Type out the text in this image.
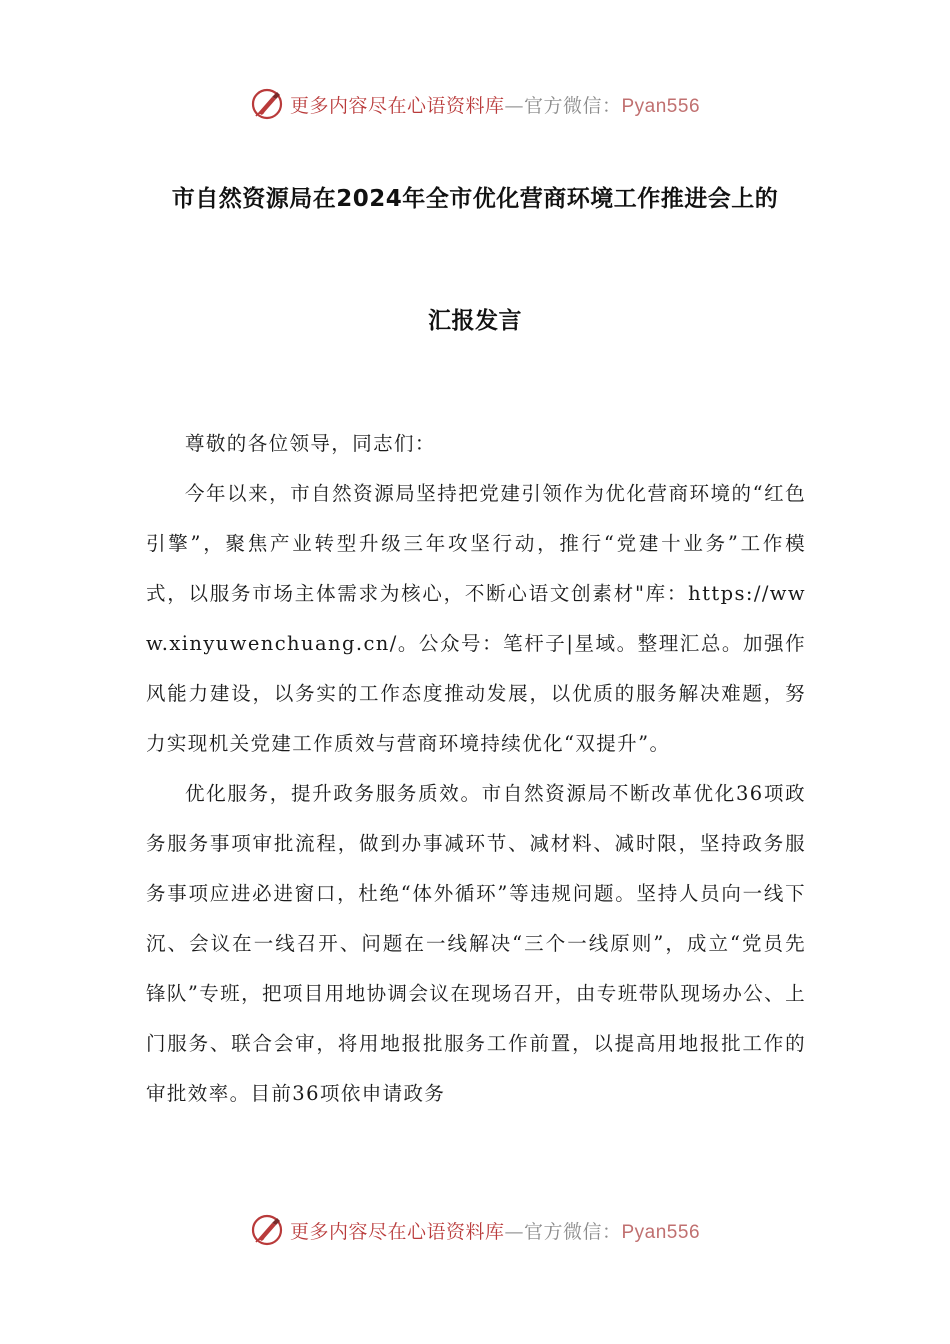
更多内容尽在心语资料库—官方微信：Pyan556
市自然资源局在2024年全市优化营商环境工作推进会上的
汇报发言

尊敬的各位领导，同志们：

今年以来，市自然资源局坚持把党建引领作为优化营商环境的“红色引擎”，聚焦产业转型升级三年攻坚行动，推行“党建十业务”工作模式，以服务市场主体需求为核心，不断心语文创素材"库：https://www.xinyuwenchuang.cn/。公众号：笔杆子|星域。整理汇总。加强作风能力建设，以务实的工作态度推动发展，以优质的服务解决难题，努力实现机关党建工作质效与营商环境持续优化“双提升”。

优化服务，提升政务服务质效。市自然资源局不断改革优化36项政务服务事项审批流程，做到办事减环节、减材料、减时限，坚持政务服务事项应进必进窗口，杜绝“体外循环”等违规问题。坚持人员向一线下沉、会议在一线召开、问题在一线解决“三个一线原则”，成立“党员先锋队”专班，把项目用地协调会议在现场召开，由专班带队现场办公、上门服务、联合会审，将用地报批服务工作前置，以提高用地报批工作的审批效率。目前36项依申请政务

更多内容尽在心语资料库—官方微信：Pyan556
